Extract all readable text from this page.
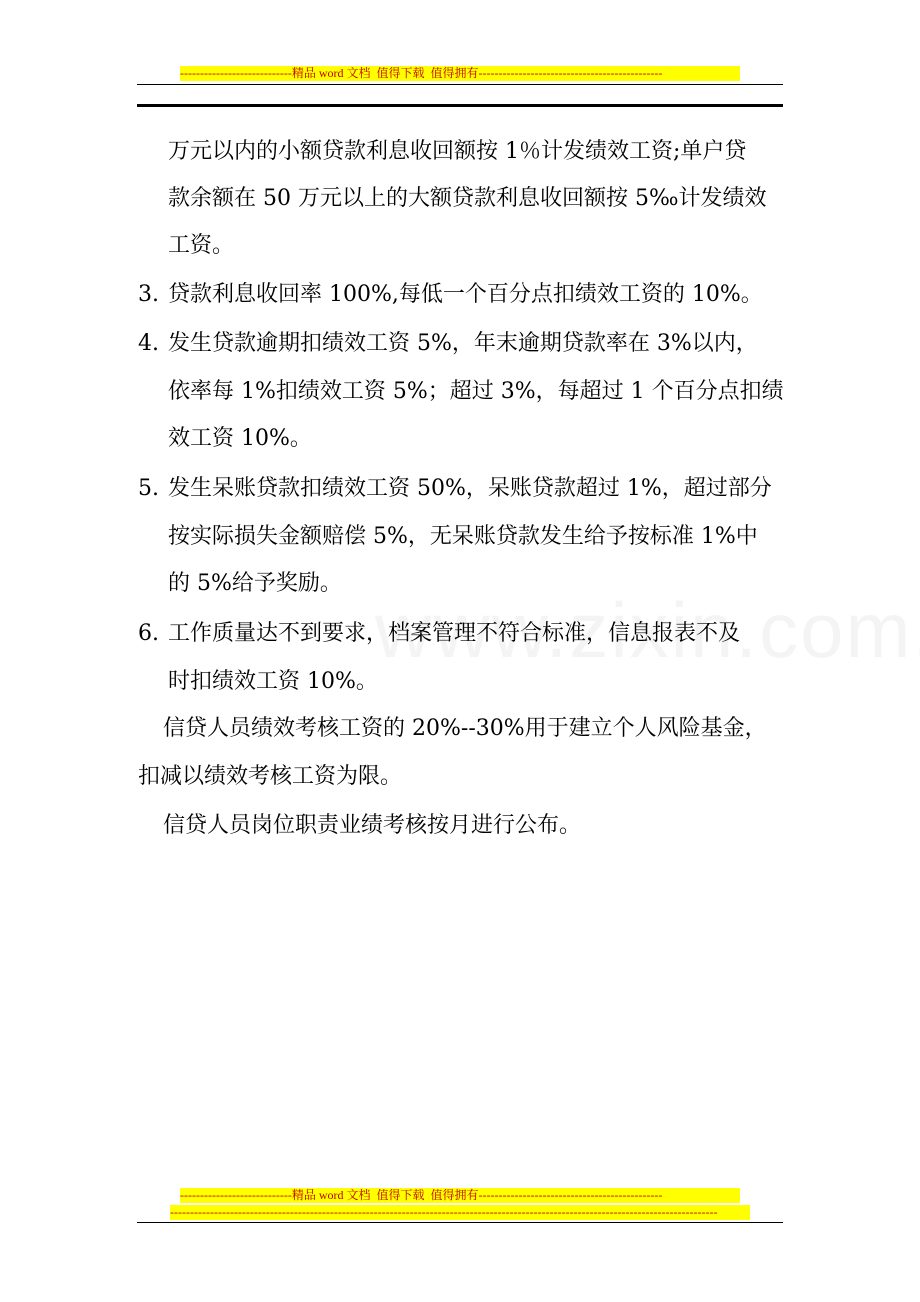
----------------------------精品 word 文档  值得下载  值得拥有----------------------------------------------
万元以内的小额贷款利息收回额按 1％计发绩效工资;单户贷
款余额在 50 万元以上的大额贷款利息收回额按 5‰计发绩效
工资。
3. 贷款利息收回率 100%,每低一个百分点扣绩效工资的 10%。
4. 发生贷款逾期扣绩效工资 5%，年末逾期贷款率在 3%以内，
依率每 1%扣绩效工资 5%；超过 3%，每超过 1 个百分点扣绩
效工资 10%。
5. 发生呆账贷款扣绩效工资 50%，呆账贷款超过 1%，超过部分
按实际损失金额赔偿 5%，无呆账贷款发生给予按标准 1%中
的 5%给予奖励。
6. 工作质量达不到要求，档案管理不符合标准，信息报表不及
时扣绩效工资 10%。
信贷人员绩效考核工资的 20%--30%用于建立个人风险基金，
扣减以绩效考核工资为限。
信贷人员岗位职责业绩考核按月进行公布。
----------------------------精品 word 文档  值得下载  值得拥有----------------------------------------------
-----------------------------------------------------------------------------------------------------------------------------------------
